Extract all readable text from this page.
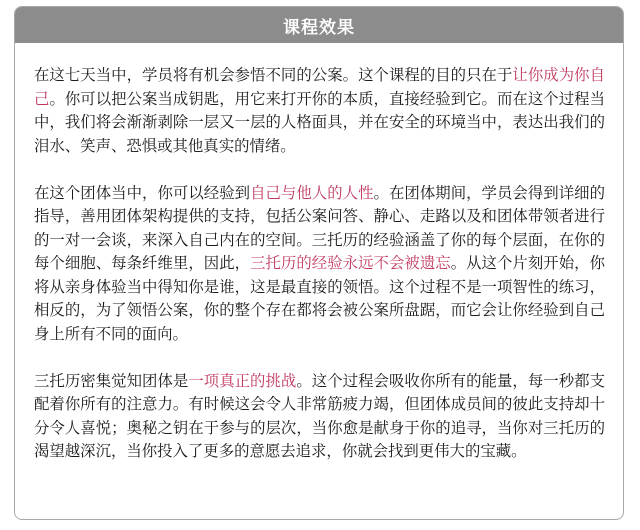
课程效果

在这七天当中，学员将有机会参悟不同的公案。这个课程的目的只在于让你成为你自己。你可以把公案当成钥匙，用它来打开你的本质，直接经验到它。而在这个过程当中，我们将会渐渐剥除一层又一层的人格面具，并在安全的环境当中，表达出我们的泪水、笑声、恐惧或其他真实的情绪。

在这个团体当中，你可以经验到自己与他人的人性。在团体期间，学员会得到详细的指导，善用团体架构提供的支持，包括公案问答、静心、走路以及和团体带领者进行的一对一会谈，来深入自己内在的空间。三托历的经验涵盖了你的每个层面，在你的每个细胞、每条纤维里，因此，三托历的经验永远不会被遗忘。从这个片刻开始，你将从亲身体验当中得知你是谁，这是最直接的领悟。这个过程不是一项智性的练习，相反的，为了领悟公案，你的整个存在都将会被公案所盘踞，而它会让你经验到自己身上所有不同的面向。

三托历密集觉知团体是一项真正的挑战。这个过程会吸收你所有的能量，每一秒都支配着你所有的注意力。有时候这会令人非常筋疲力竭，但团体成员间的彼此支持却十分令人喜悦；奥秘之钥在于参与的层次，当你愈是献身于你的追寻，当你对三托历的渴望越深沉，当你投入了更多的意愿去追求，你就会找到更伟大的宝藏。
